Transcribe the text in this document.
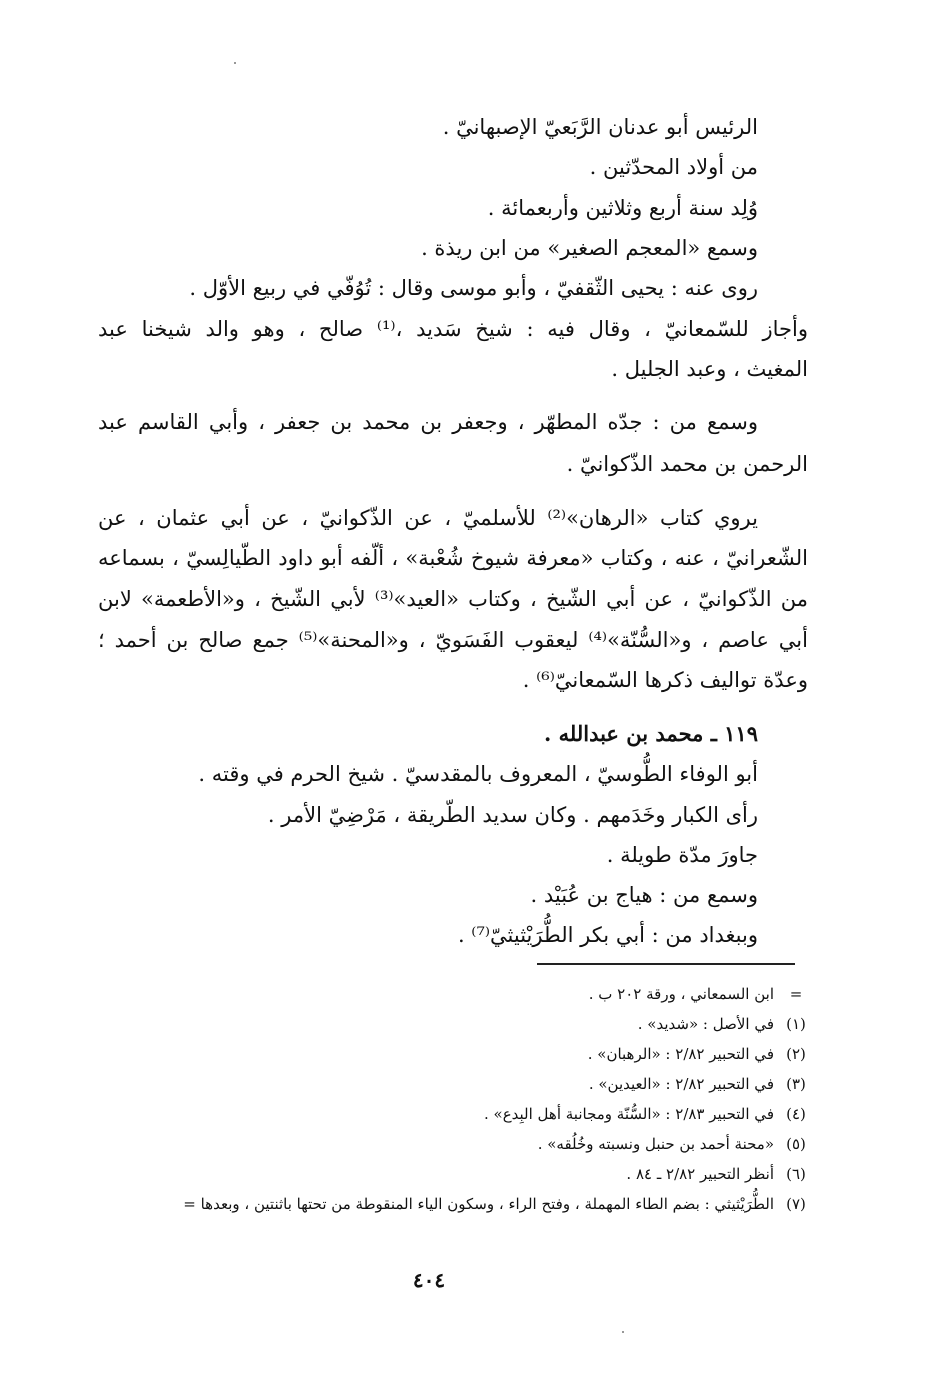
الرئيس أبو عدنان الرَّبَعيّ الإصبهانيّ .
من أولاد المحدّثين .
وُلِد سنة أربع وثلاثين وأربعمائة .
وسمع «المعجم الصغير» من ابن ريذة .
روى عنه : يحيى الثّقفيّ ، وأبو موسى وقال : تُوُفّي في ربيع الأوّل .
وأجاز للسّمعانيّ ، وقال فيه : شيخ سَديد ،⁽¹⁾ صالح ، وهو والد شيخنا عبد
المغيث ، وعبد الجليل .
وسمع من : جدّه المطهّر ، وجعفر بن محمد بن جعفر ، وأبي القاسم عبد
الرحمن بن محمد الذّكوانيّ .
يروي كتاب «الرهان»⁽²⁾ للأسلميّ ، عن الذّكوانيّ ، عن أبي عثمان ، عن
الشّعرانيّ ، عنه ، وكتاب «معرفة شيوخ شُعْبة» ، ألّفه أبو داود الطّيالِسيّ ، بسماعه
من الذّكوانيّ ، عن أبي الشّيخ ، وكتاب «العيد»⁽³⁾ لأبي الشّيخ ، و«الأطعمة» لابن
أبي عاصم ، و«السُّنّة»⁽⁴⁾ ليعقوب الفَسَويّ ، و«المحنة»⁽⁵⁾ جمع صالح بن أحمد ؛
وعدّة تواليف ذكرها السّمعانيّ⁽⁶⁾ .
١١٩ ـ محمد بن عبدالله .
أبو الوفاء الطُّوسيّ ، المعروف بالمقدسيّ . شيخ الحرم في وقته .
رأى الكبار وخَدَمهم . وكان سديد الطّريقة ، مَرْضِيّ الأمر .
جاورَ مدّة طويلة .
وسمع من : هياج بن عُبَيْد .
وببغداد من : أبي بكر الطُّرَيْثيثيّ⁽⁷⁾ .
=ابن السمعاني ، ورقة ٢٠٢ ب .
(١)في الأصل : «شديد» .
(٢)في التحبير ٢/٨٢ : «الرهبان» .
(٣)في التحبير ٢/٨٢ : «العيدين» .
(٤)في التحبير ٢/٨٣ : «السُّنّة ومجانبة أهل البِدع» .
(٥)«محنة أحمد بن حنبل ونسبته وخُلُقه» .
(٦)أنظر التحبير ٢/٨٢ ـ ٨٤ .
(٧)الطُّرَيْثيثي : بضم الطاء المهملة ، وفتح الراء ، وسكون الياء المنقوطة من تحتها باثنتين ، وبعدها =
٤٠٤
